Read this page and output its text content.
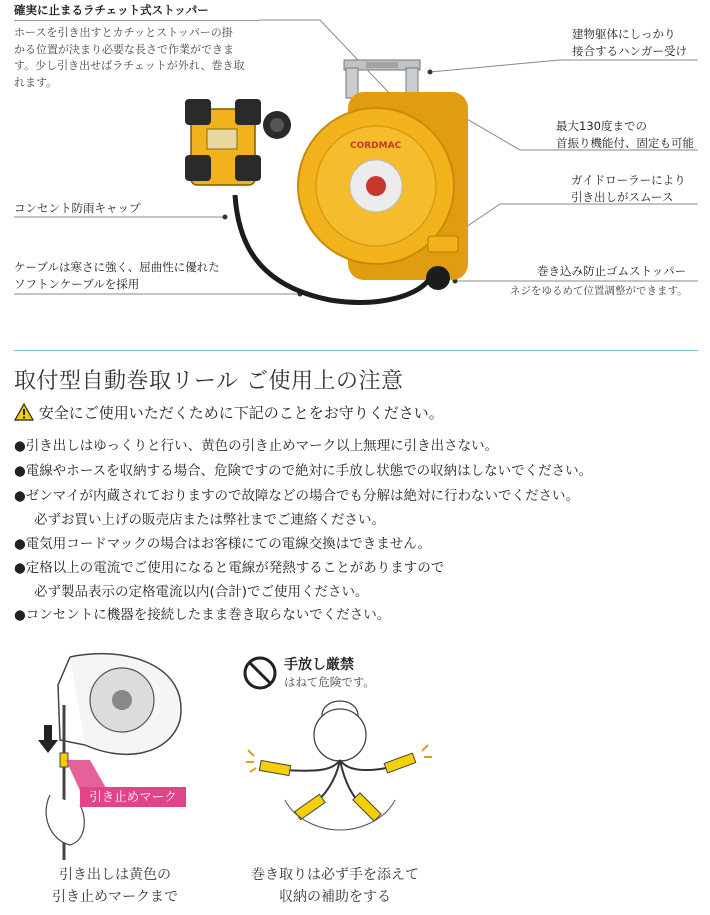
確実に止まるラチェット式ストッパー
ホースを引き出すとカチッとストッパーの掛
かる位置が決まり必要な長さで作業ができま
す。少し引き出せばラチェットが外れ、巻き取
れます。
建物躯体にしっかり
接合するハンガー受け
最大130度までの
首振り機能付、固定も可能
ガイドローラーにより
引き出しがスムース
コンセント防雨キャップ
ケーブルは寒さに強く、屈曲性に優れた
ソフトンケーブルを採用
巻き込み防止ゴムストッパー
ネジをゆるめて位置調整ができます。
CORDMAC
取付型自動巻取リール ご使用上の注意
安全にご使用いただくために下記のことをお守りください。
●引き出しはゆっくりと行い、黄色の引き止めマーク以上無理に引き出さない。
●電線やホースを収納する場合、危険ですので絶対に手放し状態での収納はしないでください。
●ゼンマイが内蔵されておりますので故障などの場合でも分解は絶対に行わないでください。
必ずお買い上げの販売店または弊社までご連絡ください。
●電気用コードマックの場合はお客様にての電線交換はできません。
●定格以上の電流でご使用になると電線が発熱することがありますので
必ず製品表示の定格電流以内(合計)でご使用ください。
●コンセントに機器を接続したまま巻き取らないでください。
引き止めマーク
引き出しは黄色の
引き止めマークまで
手放し厳禁
はねて危険です。
巻き取りは必ず手を添えて
収納の補助をする
